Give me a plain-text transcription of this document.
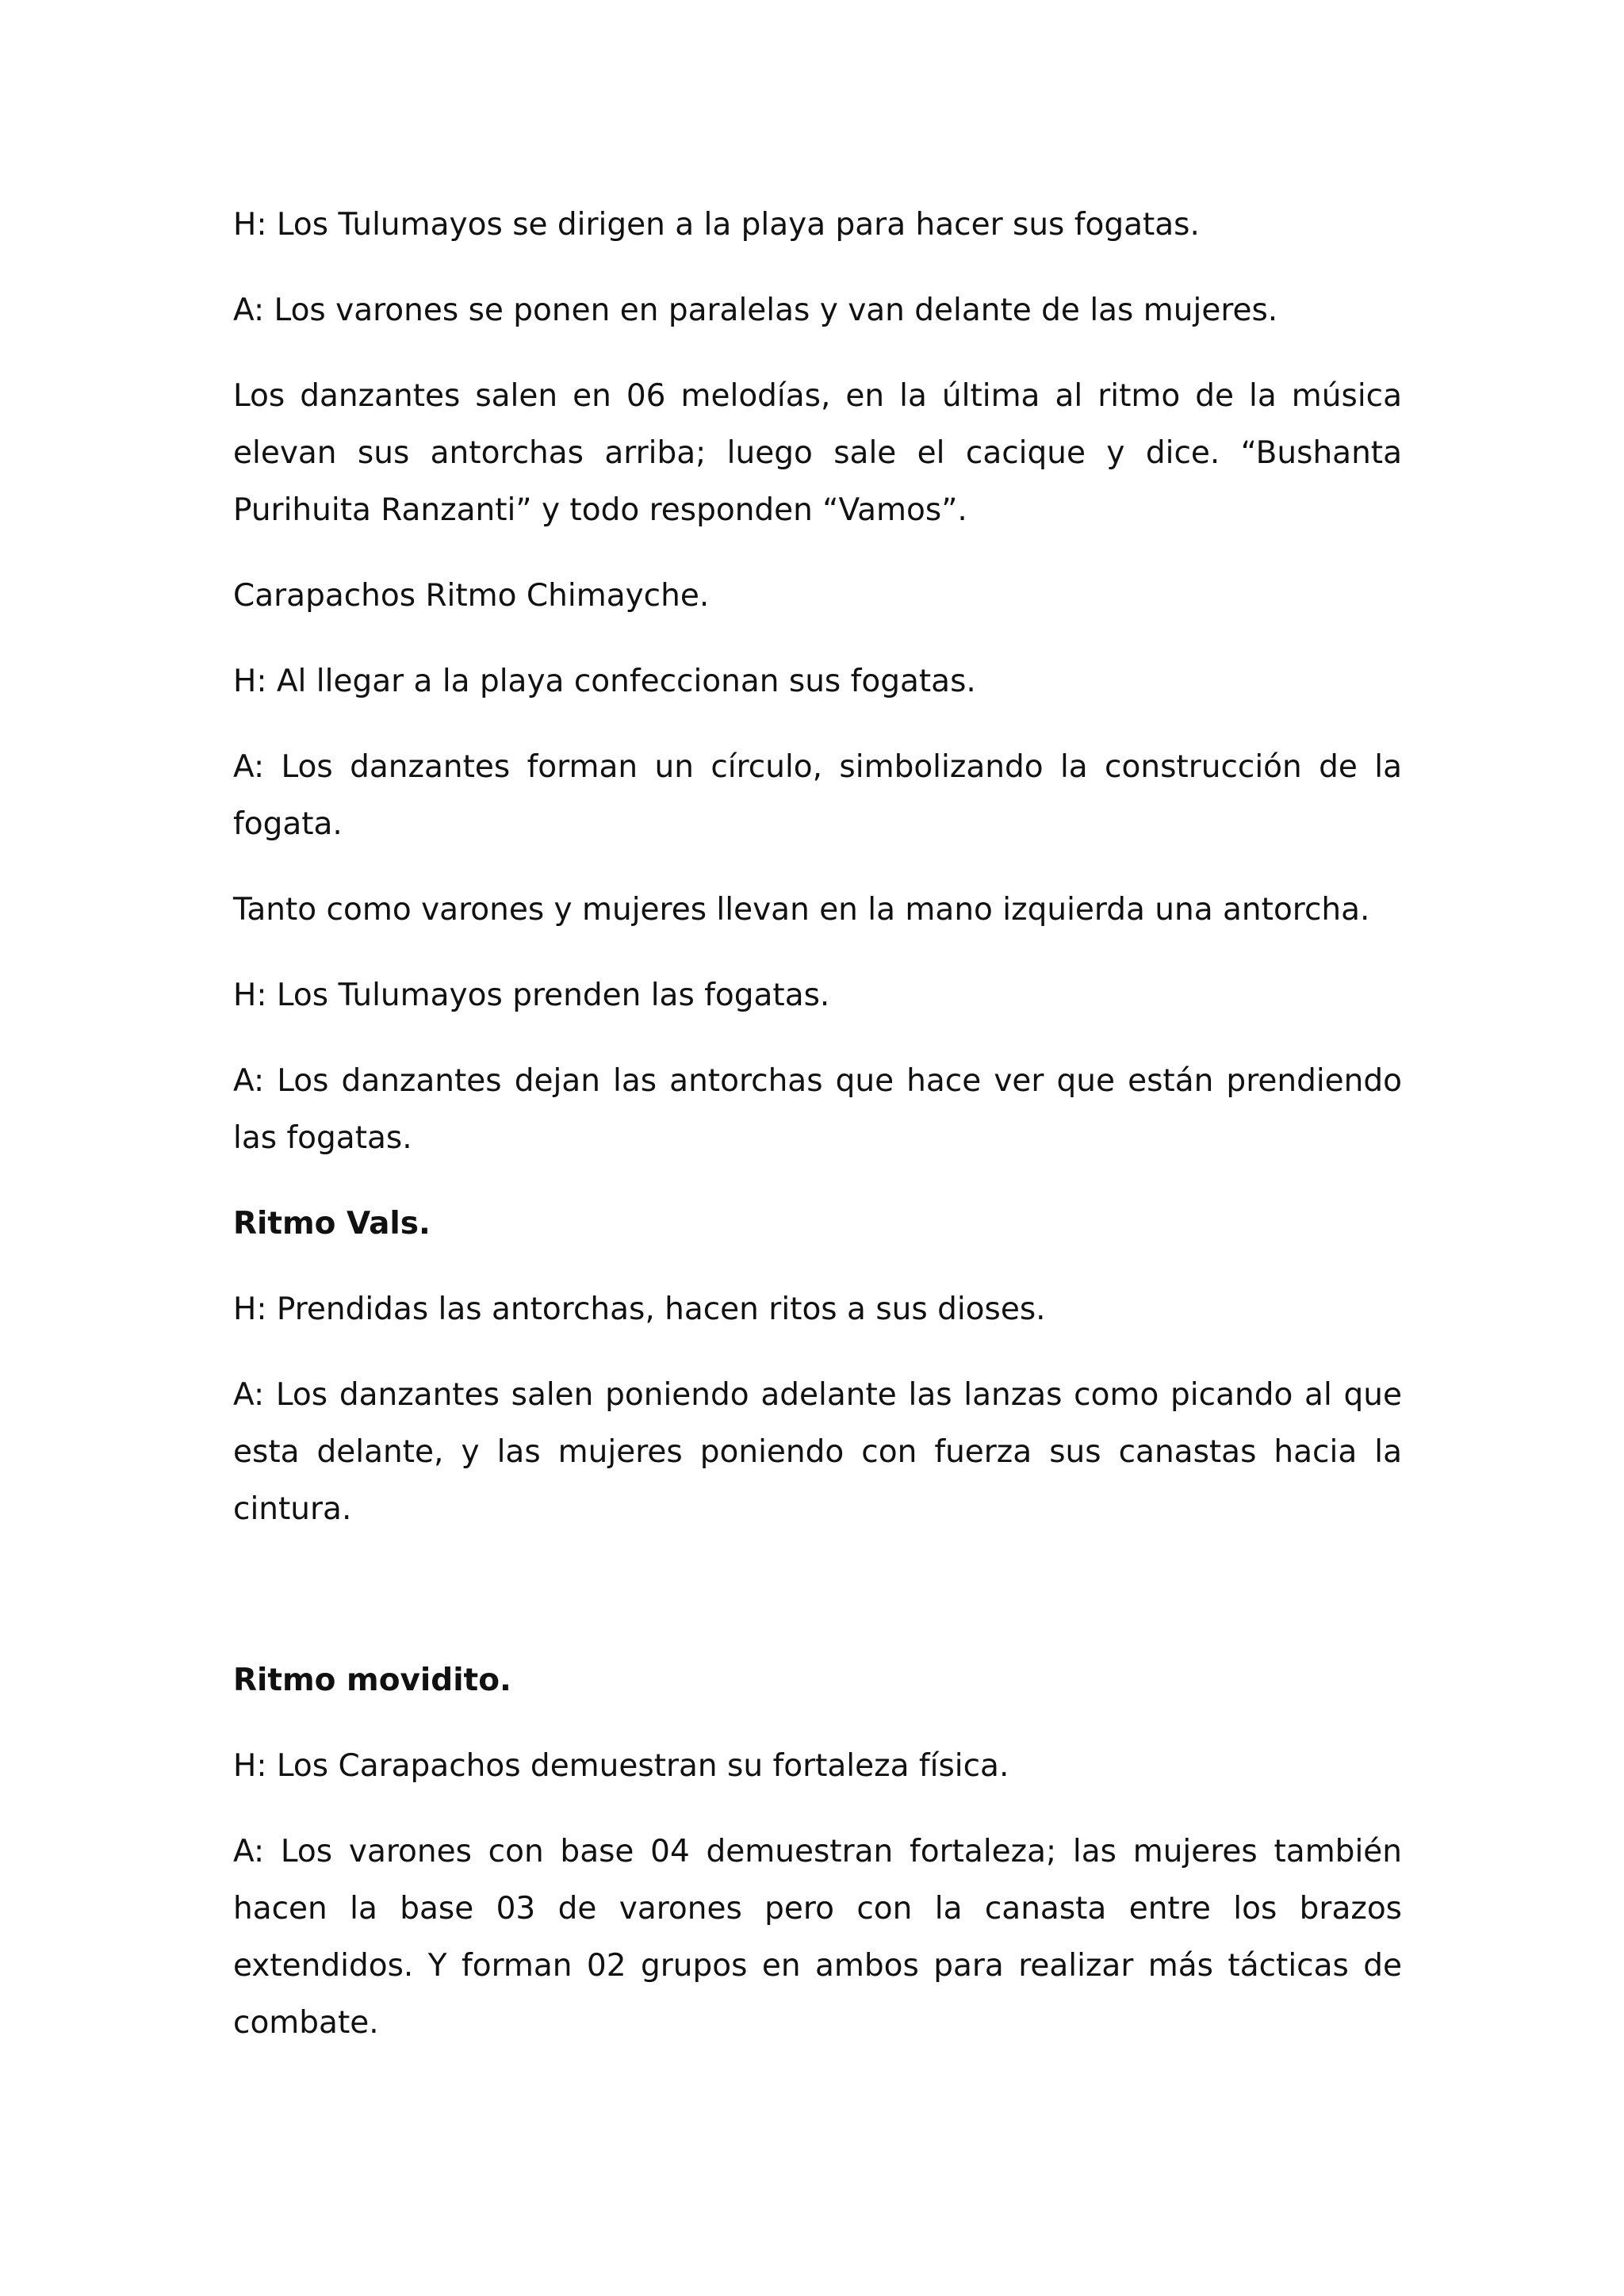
H: Los Tulumayos se dirigen a la playa para hacer sus fogatas.

A: Los varones se ponen en paralelas y van delante de las mujeres.

Los danzantes salen en 06 melodías, en la última al ritmo de la música elevan sus antorchas arriba; luego sale el cacique y dice. “Bushanta Purihuita Ranzanti” y todo responden “Vamos”.

Carapachos Ritmo Chimayche.

H: Al llegar a la playa confeccionan sus fogatas.

A: Los danzantes forman un círculo, simbolizando la construcción de la fogata.

Tanto como varones y mujeres llevan en la mano izquierda una antorcha.

H: Los Tulumayos prenden las fogatas.

A: Los danzantes dejan las antorchas que hace ver que están prendiendo las fogatas.

Ritmo Vals.

H: Prendidas las antorchas, hacen ritos a sus dioses.

A: Los danzantes salen poniendo adelante las lanzas como picando al que esta delante, y las mujeres poniendo con fuerza sus canastas hacia la cintura.

Ritmo movidito.

H: Los Carapachos demuestran su fortaleza física.

A: Los varones con base 04 demuestran fortaleza; las mujeres también hacen la base 03 de varones pero con la canasta entre los brazos extendidos. Y forman 02 grupos en ambos para realizar más tácticas de combate.
